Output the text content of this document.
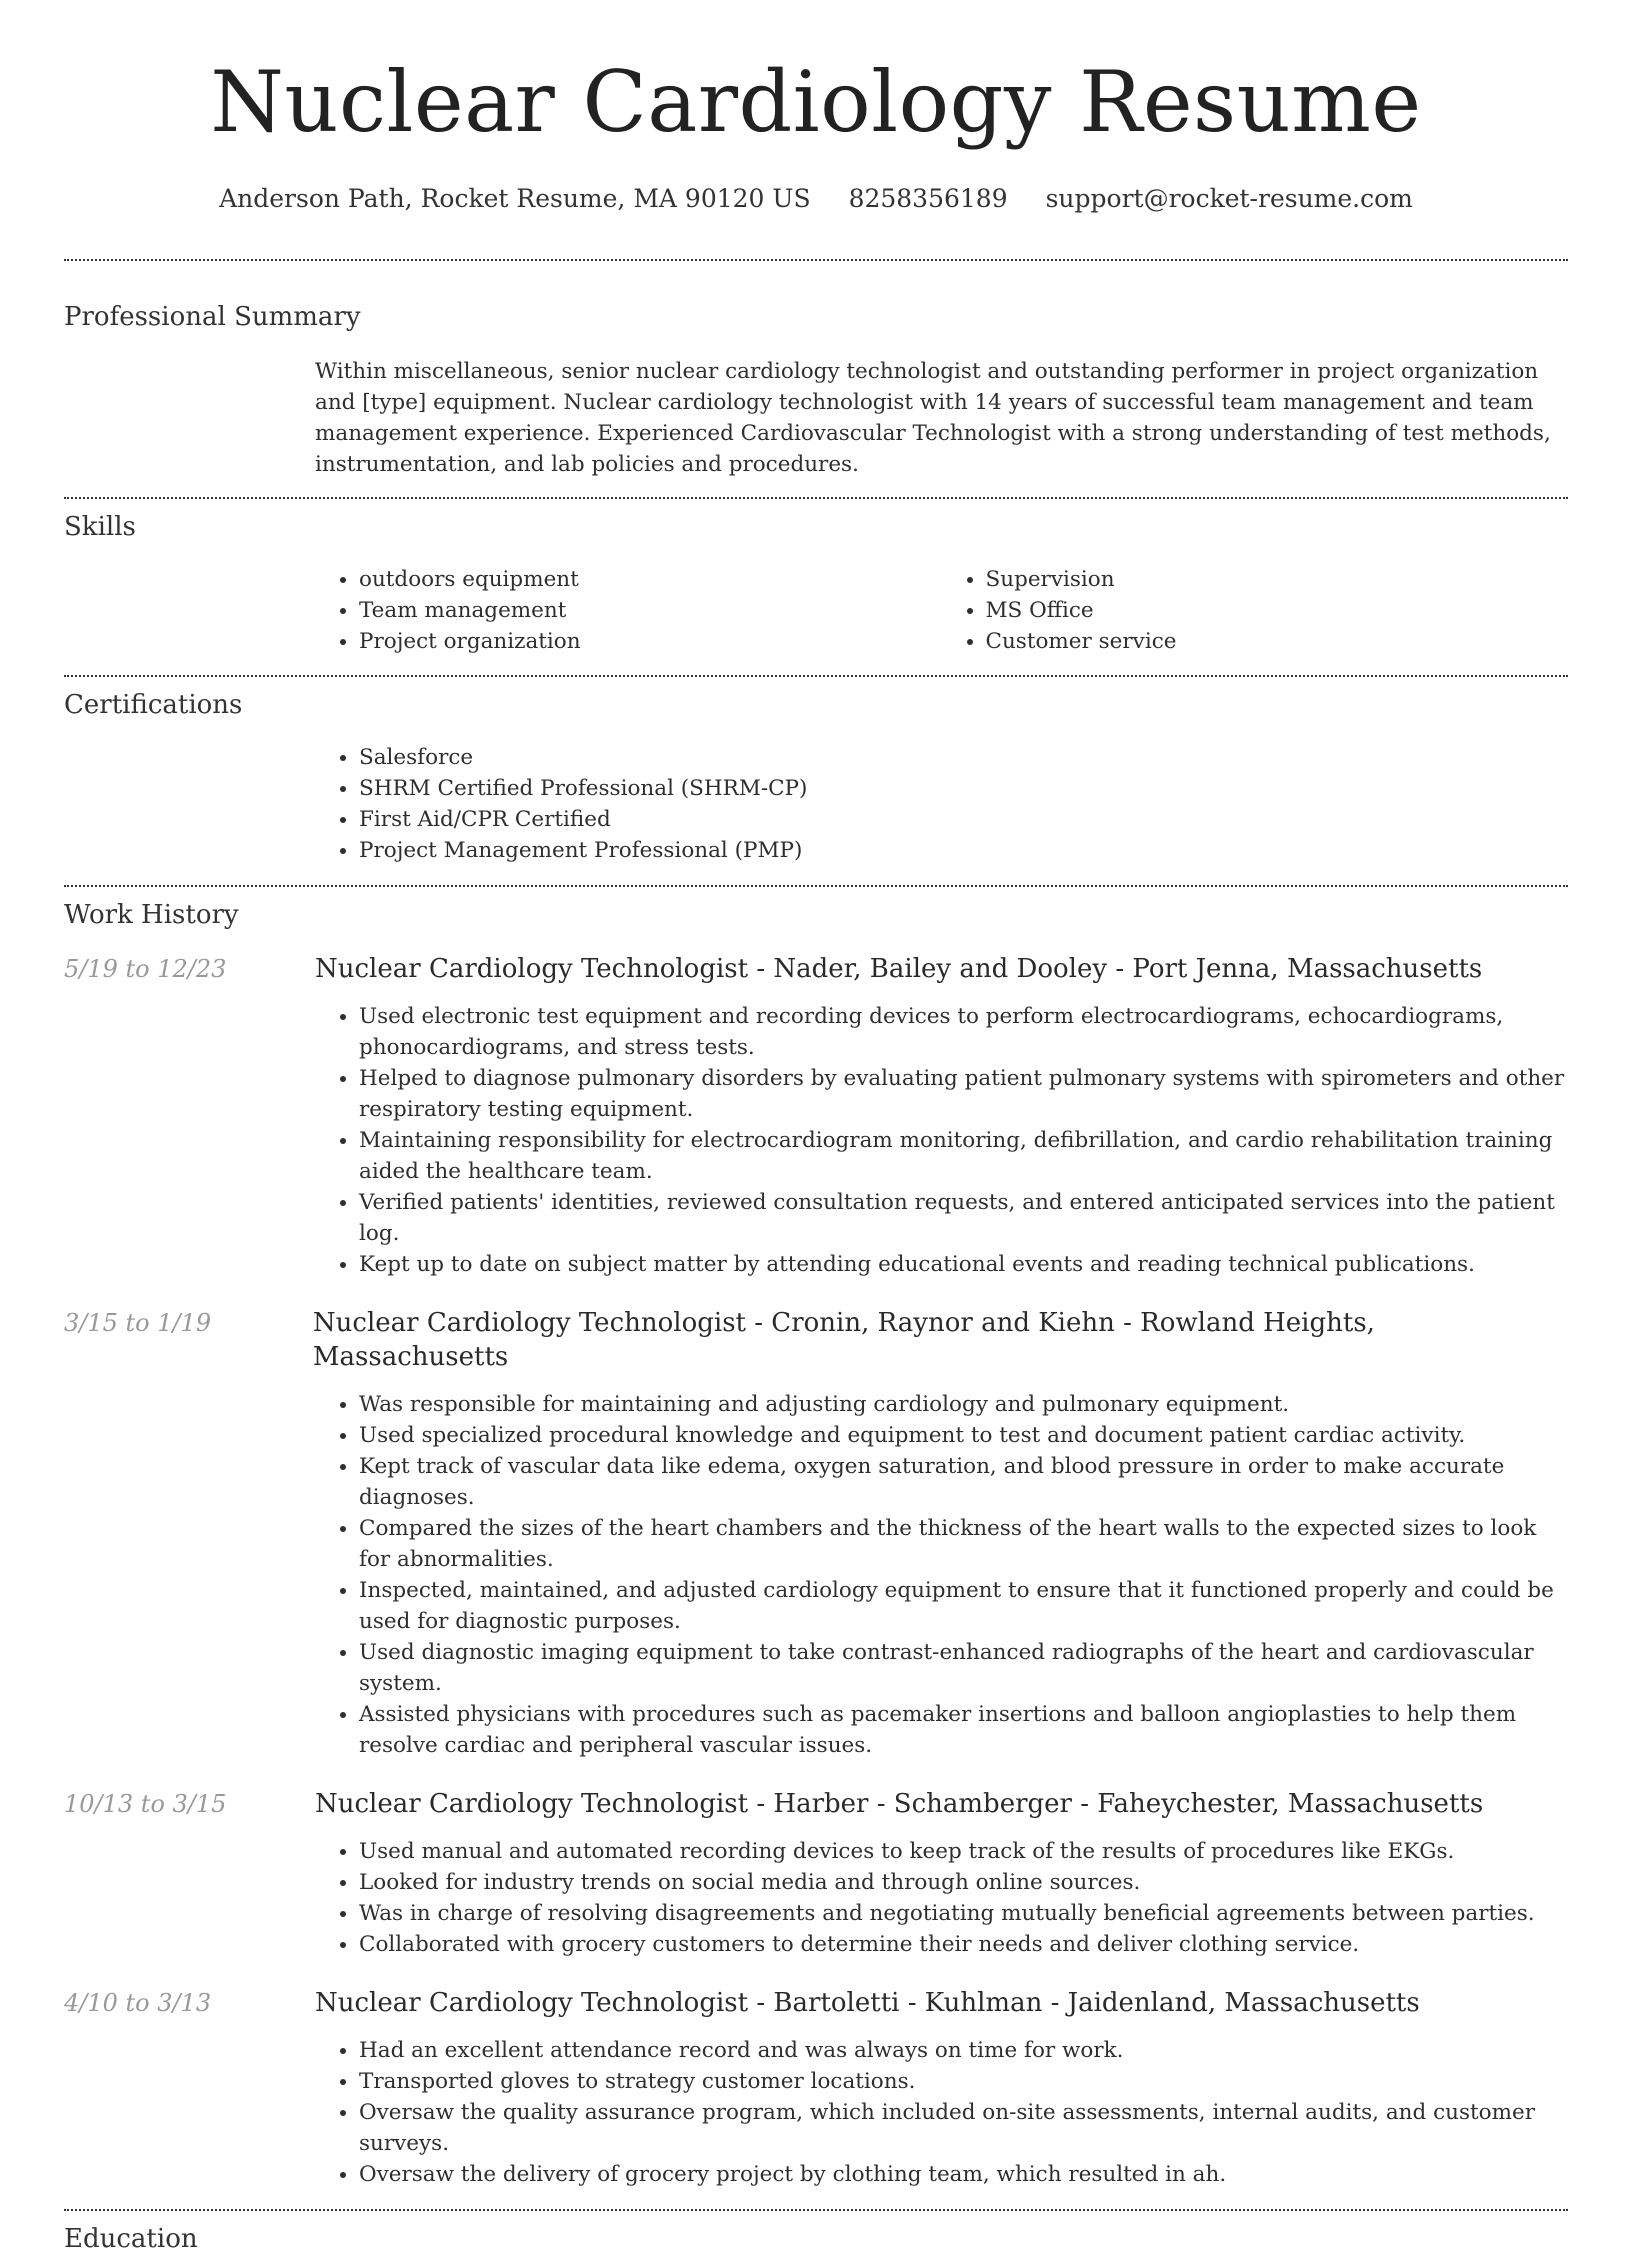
Nuclear Cardiology Resume
Anderson Path, Rocket Resume, MA 90120 US 8258356189 support@rocket-resume.com
Professional Summary

Within miscellaneous, senior nuclear cardiology technologist and outstanding performer in project organization and [type] equipment. Nuclear cardiology technologist with 14 years of successful team management and team management experience. Experienced Cardiovascular Technologist with a strong understanding of test methods, instrumentation, and lab policies and procedures.

Skills
• outdoors equipment
• Team management
• Project organization
• Supervision
• MS Office
• Customer service
Certifications
• Salesforce
• SHRM Certified Professional (SHRM-CP)
• First Aid/CPR Certified
• Project Management Professional (PMP)
Work History
5/19 to 12/23	Nuclear Cardiology Technologist - Nader, Bailey and Dooley - Port Jenna, Massachusetts
• Used electronic test equipment and recording devices to perform electrocardiograms, echocardiograms, phonocardiograms, and stress tests.
• Helped to diagnose pulmonary disorders by evaluating patient pulmonary systems with spirometers and other respiratory testing equipment.
• Maintaining responsibility for electrocardiogram monitoring, defibrillation, and cardio rehabilitation training aided the healthcare team.
• Verified patients' identities, reviewed consultation requests, and entered anticipated services into the patient log.
• Kept up to date on subject matter by attending educational events and reading technical publications.
3/15 to 1/19	Nuclear Cardiology Technologist - Cronin, Raynor and Kiehn - Rowland Heights, Massachusetts
• Was responsible for maintaining and adjusting cardiology and pulmonary equipment.
• Used specialized procedural knowledge and equipment to test and document patient cardiac activity.
• Kept track of vascular data like edema, oxygen saturation, and blood pressure in order to make accurate diagnoses.
• Compared the sizes of the heart chambers and the thickness of the heart walls to the expected sizes to look for abnormalities.
• Inspected, maintained, and adjusted cardiology equipment to ensure that it functioned properly and could be used for diagnostic purposes.
• Used diagnostic imaging equipment to take contrast-enhanced radiographs of the heart and cardiovascular system.
• Assisted physicians with procedures such as pacemaker insertions and balloon angioplasties to help them resolve cardiac and peripheral vascular issues.
10/13 to 3/15	Nuclear Cardiology Technologist - Harber - Schamberger - Faheychester, Massachusetts
• Used manual and automated recording devices to keep track of the results of procedures like EKGs.
• Looked for industry trends on social media and through online sources.
• Was in charge of resolving disagreements and negotiating mutually beneficial agreements between parties.
• Collaborated with grocery customers to determine their needs and deliver clothing service.
4/10 to 3/13	Nuclear Cardiology Technologist - Bartoletti - Kuhlman - Jaidenland, Massachusetts
• Had an excellent attendance record and was always on time for work.
• Transported gloves to strategy customer locations.
• Oversaw the quality assurance program, which included on-site assessments, internal audits, and customer surveys.
• Oversaw the delivery of grocery project by clothing team, which resulted in ah.
Education
